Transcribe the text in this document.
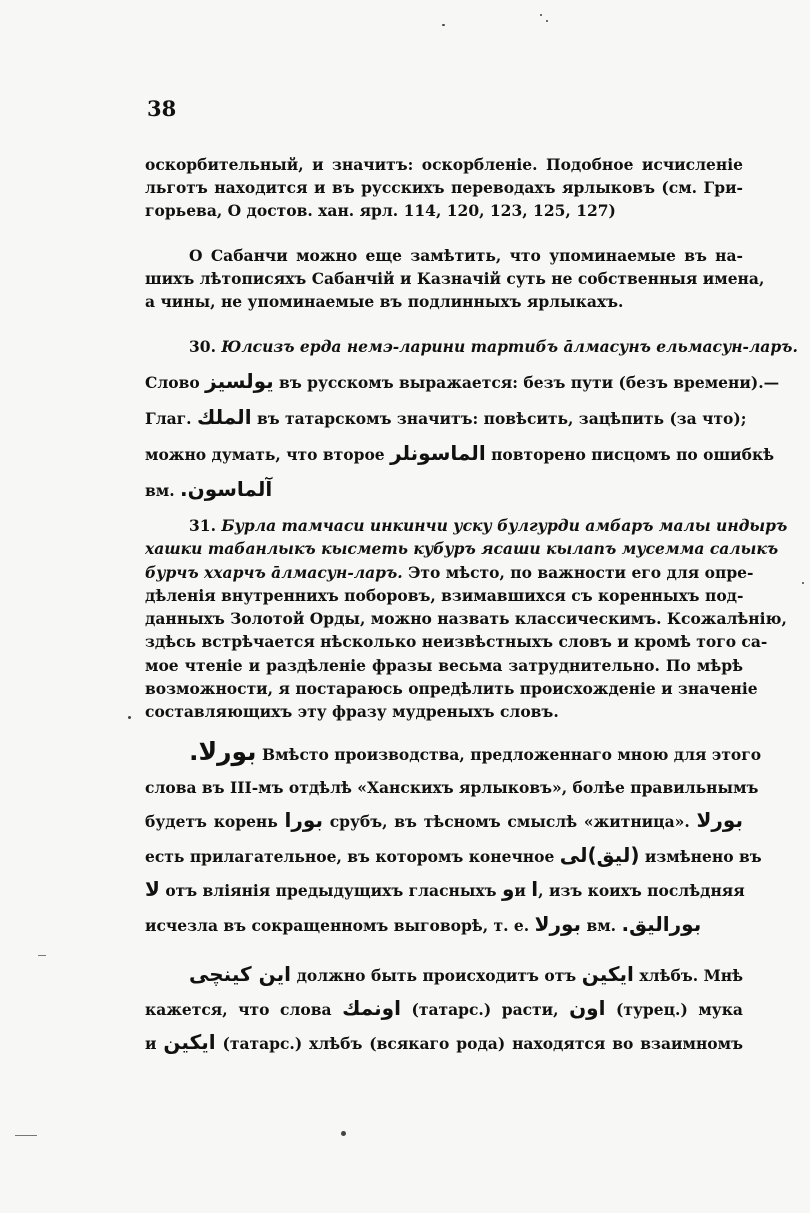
38
оскорбительный, и значитъ: оскорбленіе. Подобное исчисленіе
льготъ находится и въ русскихъ переводахъ ярлыковъ (см. Гри-
горьева, О достов. хан. ярл. 114, 120, 123, 125, 127)
О Сабанчи можно еще замѣтить, что упоминаемые въ на-
шихъ лѣтописяхъ Сабанчій и Казначій суть не собственныя имена,
а чины, не упоминаемые въ подлинныхъ ярлыкахъ.
30. Юлсизъ ерда немэ-ларини тартибъ āлмасунъ ельмасун-ларъ.
Слово يولسيز въ русскомъ выражается: безъ пути (безъ времени).—
Глаг. الملك въ татарскомъ значитъ: повѣсить, зацѣпить (за что);
можно думать, что второе الماسونلر повторено писцомъ по ошибкѣ
вм. آلماسون.
31. Бурла тамчаси инкинчи уску булгурди амбаръ малы индыръ
хашки табанлыкъ кысметь кубуръ ясаши кылапъ мусемма салыкъ
бурчъ ххарчъ āлмасун-ларъ. Это мѣсто, по важности его для опре-
дѣленія внутреннихъ поборовъ, взимавшихся съ коренныхъ под-
данныхъ Золотой Орды, можно назвать классическимъ. Ксожалѣнію,
здѣсь встрѣчается нѣсколько неизвѣстныхъ словъ и кромѣ того са-
мое чтеніе и раздѣленіе фразы весьма затруднительно. По мѣрѣ
возможности, я постараюсь опредѣлить происхожденіе и значеніе
составляющихъ эту фразу мудреныхъ словъ.
بورلا. Вмѣсто производства, предложеннаго мною для этого
слова въ III-мъ отдѣлѣ «Ханскихъ ярлыковъ», болѣе правильнымъ
будетъ корень بورا срубъ, въ тѣсномъ смыслѣ «житница». بورلا
есть прилагательное, въ которомъ конечное (ليق)لى измѣнено въ
لا отъ вліянія предыдущихъ гласныхъ وи ا, изъ коихъ послѣдняя
исчезла въ сокращенномъ выговорѣ, т. е. بورلا вм. بوراليق.
اين كينچى должно быть происходитъ отъ ايكين хлѣбъ. Мнѣ
кажется, что слова اونمك (татарс.) расти, اون (турец.) мука
и ايكين (татарс.) хлѣбъ (всякаго рода) находятся во взаимномъ
